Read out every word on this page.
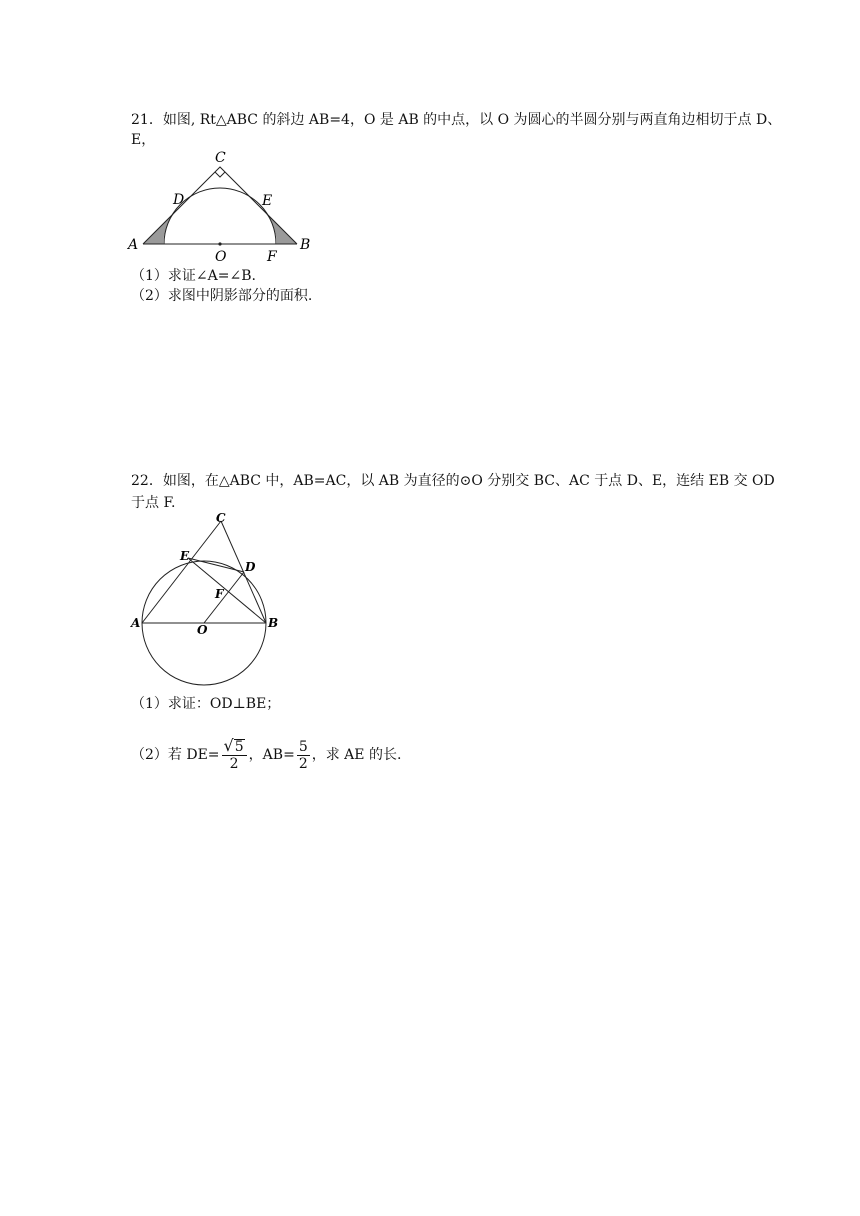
21．如图, Rt△ABC 的斜边 AB=4，O 是 AB 的中点，以 O 为圆心的半圆分别与两直角边相切于点 D、
E，
C
D	E
A	B
O	F
（1）求证∠A=∠B.
（2）求图中阴影部分的面积.
22．如图，在△ABC 中，AB=AC，以 AB 为直径的⊙O 分别交 BC、AC 于点 D、E，连结 EB 交 OD
于点 F.
C
E
D
F
A	O	B
（1）求证：OD⊥BE；
（2）若 $DE= \frac{√ 5}{2}$ ，$AB= \frac{5}{2}$ ，求 AE 的长.
